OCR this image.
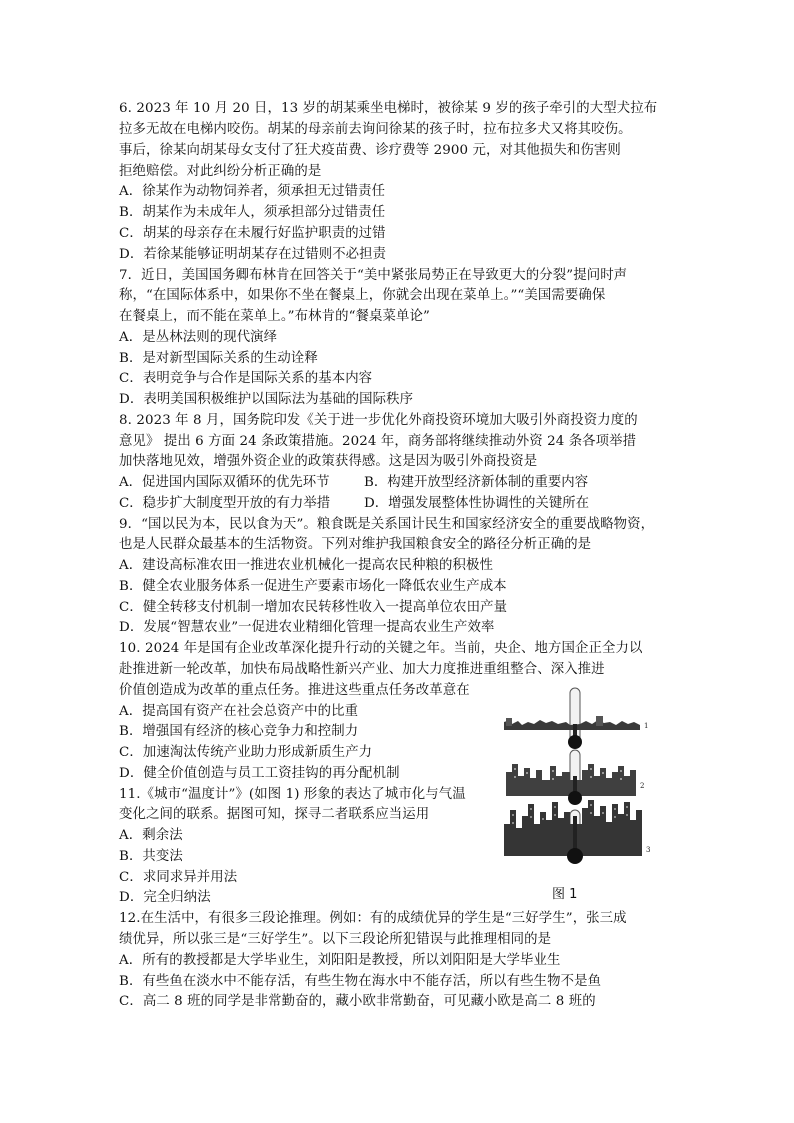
6. 2023 年 10 月 20 日，13 岁的胡某乘坐电梯时，被徐某 9 岁的孩子牵引的大型犬拉布
拉多无故在电梯内咬伤。胡某的母亲前去询问徐某的孩子时，拉布拉多犬又将其咬伤。
事后，徐某向胡某母女支付了狂犬疫苗费、诊疗费等 2900 元，对其他损失和伤害则
拒绝赔偿。对此纠纷分析正确的是
A．徐某作为动物饲养者，须承担无过错责任
B．胡某作为未成年人，须承担部分过错责任
C．胡某的母亲存在未履行好监护职责的过错
D．若徐某能够证明胡某存在过错则不必担责
7．近日，美国国务卿布林肯在回答关于“美中紧张局势正在导致更大的分裂”提问时声
称，“在国际体系中，如果你不坐在餐桌上，你就会出现在菜单上。”“美国需要确保
在餐桌上，而不能在菜单上。”布林肯的“餐桌菜单论”
A．是丛林法则的现代演绎
B．是对新型国际关系的生动诠释
C．表明竞争与合作是国际关系的基本内容
D．表明美国积极维护以国际法为基础的国际秩序
8. 2023 年 8 月，国务院印发《关于进一步优化外商投资环境加大吸引外商投资力度的
意见》 提出 6 方面 24 条政策措施。2024 年，商务部将继续推动外资 24 条各项举措
加快落地见效，增强外资企业的政策获得感。这是因为吸引外商投资是
A．促进国内国际双循环的优先环节	B．构建开放型经济新体制的重要内容
C．稳步扩大制度型开放的有力举措	D．增强发展整体性协调性的关键所在
9．“国以民为本，民以食为天”。粮食既是关系国计民生和国家经济安全的重要战略物资，
也是人民群众最基本的生活物资。下列对维护我国粮食安全的路径分析正确的是
A．建设高标准农田一推进农业机械化一提高农民种粮的积极性
B．健全农业服务体系一促进生产要素市场化一降低农业生产成本
C．健全转移支付机制一增加农民转移性收入一提高单位农田产量
D．发展“智慧农业”一促进农业精细化管理一提高农业生产效率
10. 2024 年是国有企业改革深化提升行动的关键之年。当前，央企、地方国企正全力以
赴推进新一轮改革，加快布局战略性新兴产业、加大力度推进重组整合、深入推进
价值创造成为改革的重点任务。推进这些重点任务改革意在
A．提高国有资产在社会总资产中的比重
B．增强国有经济的核心竞争力和控制力
C．加速淘汰传统产业助力形成新质生产力
D．健全价值创造与员工工资挂钩的再分配机制
11.《城市“温度计”》(如图 1) 形象的表达了城市化与气温
变化之间的联系。据图可知，探寻二者联系应当运用
A．剩余法
B．共变法
C．求同求异并用法
D．完全归纳法
1
2
3
图 1
12.在生活中，有很多三段论推理。例如：有的成绩优异的学生是“三好学生”，张三成
绩优异，所以张三是“三好学生”。以下三段论所犯错误与此推理相同的是
A．所有的教授都是大学毕业生，刘阳阳是教授，所以刘阳阳是大学毕业生
B．有些鱼在淡水中不能存活，有些生物在海水中不能存活，所以有些生物不是鱼
C．高二 8 班的同学是非常勤奋的，藏小欧非常勤奋，可见藏小欧是高二 8 班的
